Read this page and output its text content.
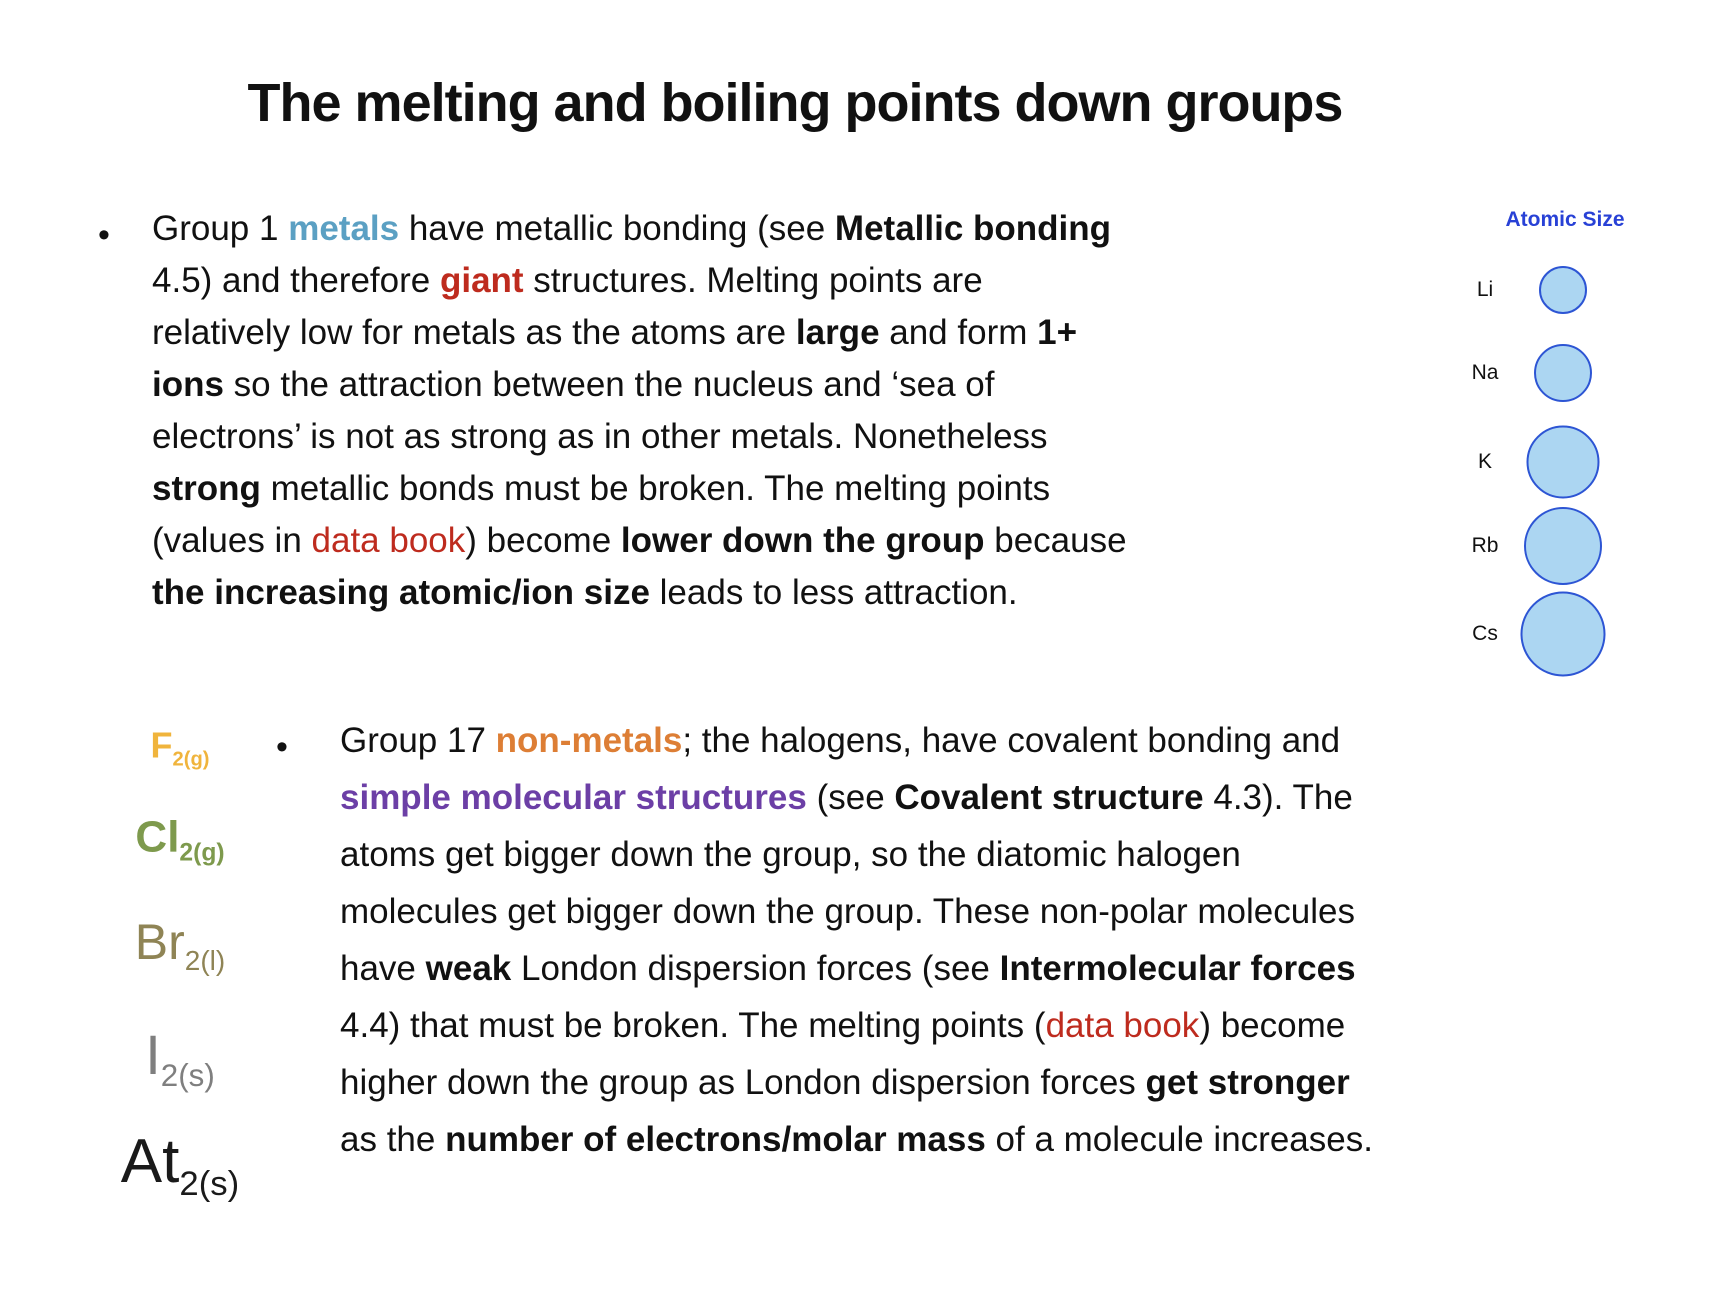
The melting and boiling points down groups
• Group 1 metals have metallic bonding (see Metallic bonding
4.5) and therefore giant structures. Melting points are
relatively low for metals as the atoms are large and form 1+
ions so the attraction between the nucleus and ‘sea of
electrons’ is not as strong as in other metals. Nonetheless
strong metallic bonds must be broken. The melting points
(values in data book) become lower down the group because
the increasing atomic/ion size leads to less attraction.
Atomic Size
Li
Na
K
Rb
Cs
$F_{2(g)}$
$Cl_{2(g)}$
$Br_{2(l)}$
$I_{2(s)}$
$At_{2(s)}$
• Group 17 non-metals; the halogens, have covalent bonding and
simple molecular structures (see Covalent structure 4.3). The
atoms get bigger down the group, so the diatomic halogen
molecules get bigger down the group. These non-polar molecules
have weak London dispersion forces (see Intermolecular forces
4.4) that must be broken. The melting points (data book) become
higher down the group as London dispersion forces get stronger
as the number of electrons/molar mass of a molecule increases.
